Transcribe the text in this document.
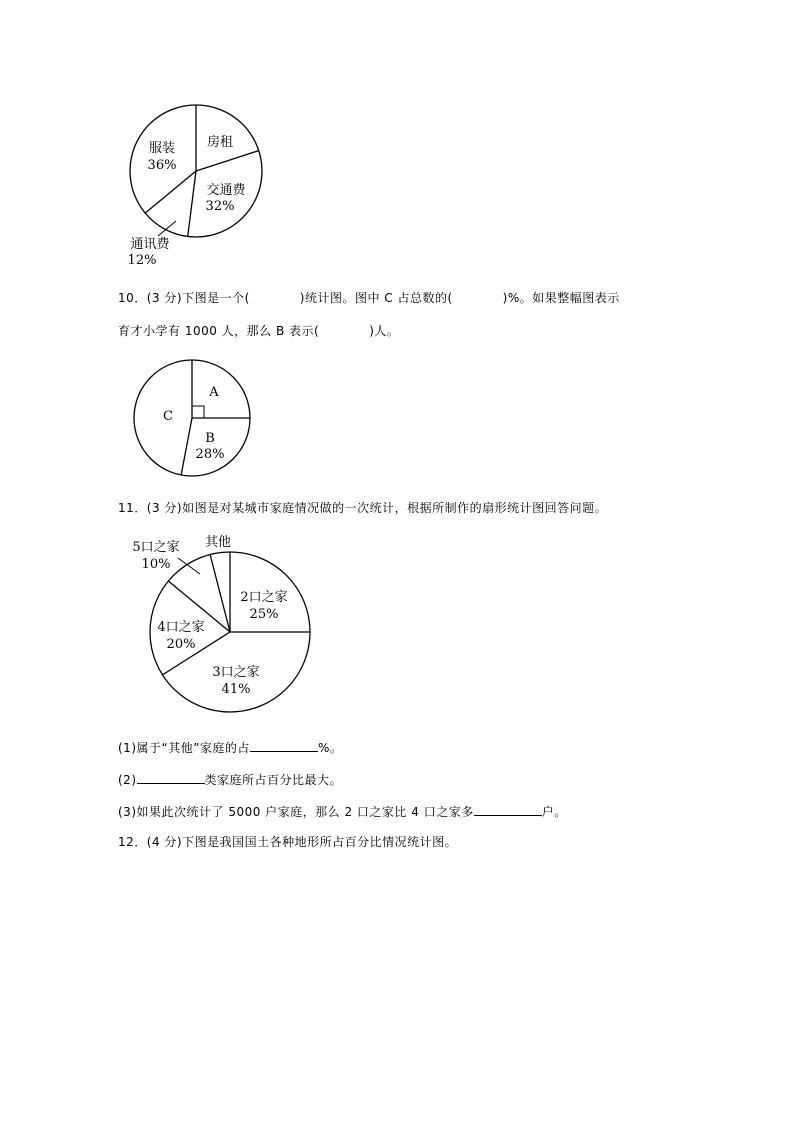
房租
交通费
32%
服装
36%
通讯费
12%
10．(3 分)下图是一个(　　　　)统计图。图中 C 占总数的(　　　　)%。如果整幅图表示
育才小学有 1000 人，那么 B 表示(　　　　)人。
A
B
28%
C
11．(3 分)如图是对某城市家庭情况做的一次统计，根据所制作的扇形统计图回答问题。
2口之家
25%
3口之家
41%
4口之家
20%
5口之家
10%
其他
(1)属于“其他”家庭的占	%。
(2)	类家庭所占百分比最大。
(3)如果此次统计了 5000 户家庭，那么 2 口之家比 4 口之家多	户。
12．(4 分)下图是我国国土各种地形所占百分比情况统计图。
